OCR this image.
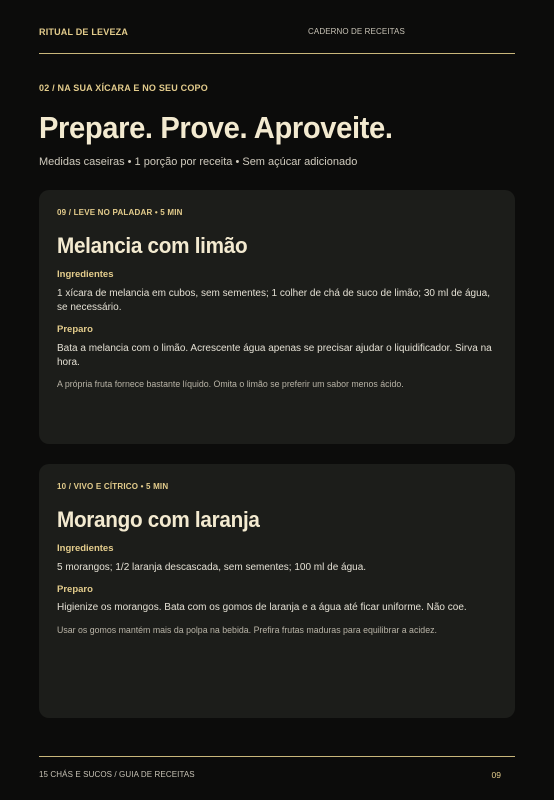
RITUAL DE LEVEZA	CADERNO DE RECEITAS
02 / NA SUA XÍCARA E NO SEU COPO
Prepare. Prove. Aproveite.
Medidas caseiras • 1 porção por receita • Sem açúcar adicionado
09 / LEVE NO PALADAR • 5 MIN
Melancia com limão
Ingredientes
1 xícara de melancia em cubos, sem sementes; 1 colher de chá de suco de limão; 30 ml de água, se necessário.
Preparo
Bata a melancia com o limão. Acrescente água apenas se precisar ajudar o liquidificador. Sirva na hora.
A própria fruta fornece bastante líquido. Omita o limão se preferir um sabor menos ácido.
10 / VIVO E CÍTRICO • 5 MIN
Morango com laranja
Ingredientes
5 morangos; 1/2 laranja descascada, sem sementes; 100 ml de água.
Preparo
Higienize os morangos. Bata com os gomos de laranja e a água até ficar uniforme. Não coe.
Usar os gomos mantém mais da polpa na bebida. Prefira frutas maduras para equilibrar a acidez.
15 CHÁS E SUCOS / GUIA DE RECEITAS	09
